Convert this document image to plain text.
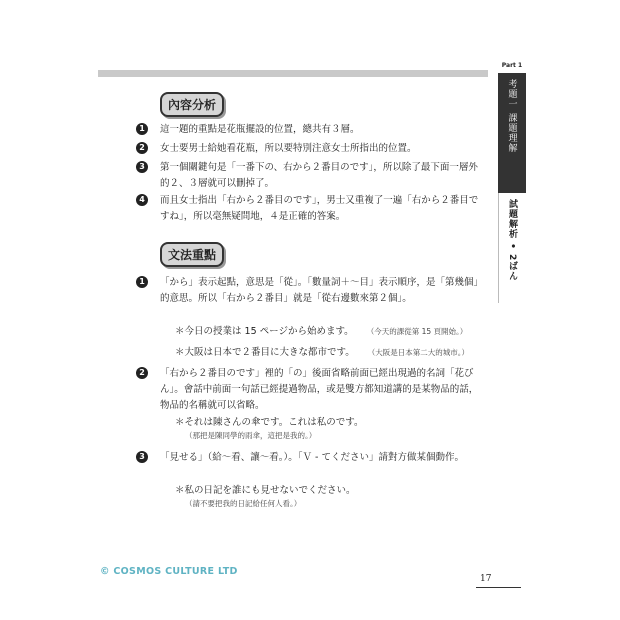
Part 1
考題一 課題理解
試題解析 • 2ばん
內容分析
1	這一題的重點是花瓶擺設的位置，總共有３層。
2	女士要男士給她看花瓶，所以要特別注意女士所指出的位置。
3	第一個關鍵句是「一番下の、右から２番目のです」，所以除了最下面一層外的２、３層就可以刪掉了。
4	而且女士指出「右から２番目のです」，男士又重複了一遍「右から２番目ですね」，所以毫無疑問地，４是正確的答案。
文法重點
1	「から」表示起點，意思是「從」。「數量詞＋～目」表示順序，是「第幾個」的意思。所以「右から２番目」就是「從右邊數來第２個」。
＊今日の授業は 15 ページから始めます。 （今天的課從第 15 頁開始。）
＊大阪は日本で２番目に大きな都市です。 （大阪是日本第二大的城市。）
2	「右から２番目のです」裡的「の」後面省略前面已經出現過的名詞「花びん」。會話中前面一句話已經提過物品，或是雙方都知道講的是某物品的話，物品的名稱就可以省略。
＊それは陳さんの傘です。これは私のです。
（那把是陳同學的雨傘，這把是我的。）
3	「見せる」（給～看、讓～看。）。「Ｖ - てください」請對方做某個動作。
＊私の日記を誰にも見せないでください。
（請不要把我的日記給任何人看。）
© COSMOS CULTURE LTD
17
